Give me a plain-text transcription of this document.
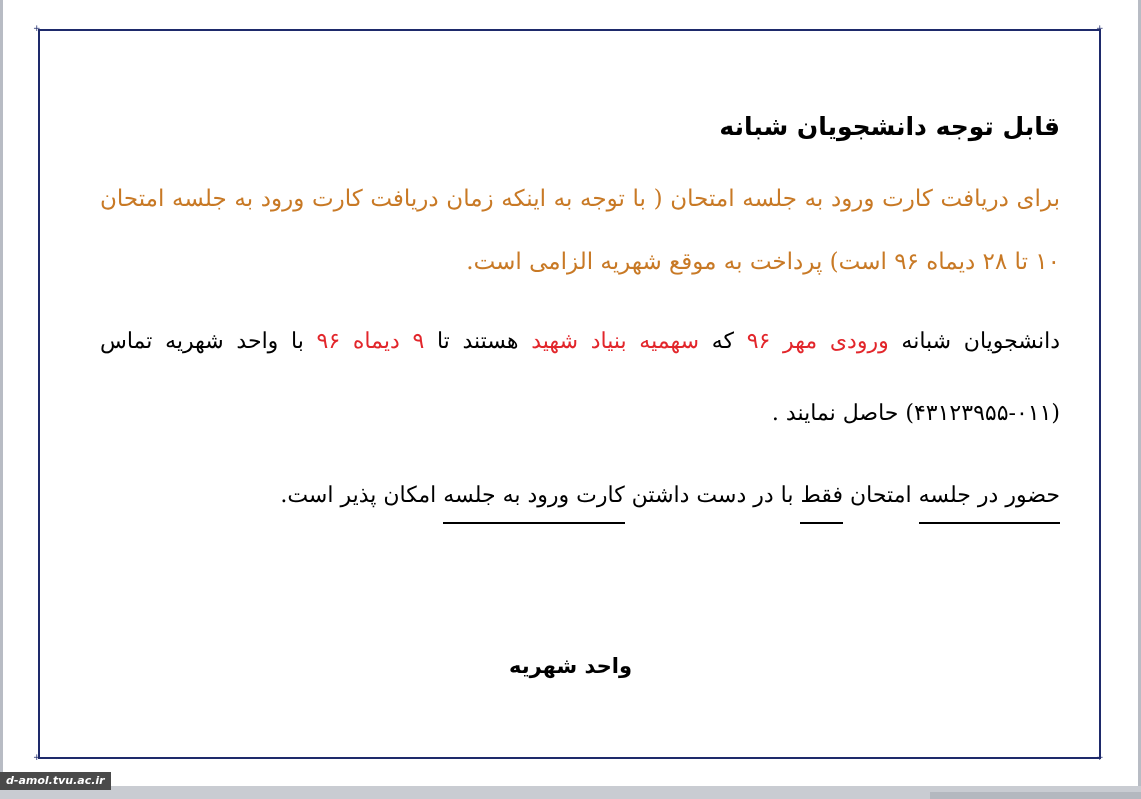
+	+
+	+
قابل توجه دانشجویان شبانه

برای دریافت کارت ورود به جلسه امتحان ( با توجه به اینکه زمان دریافت کارت ورود به جلسه امتحان ۱۰ تا ۲۸ دیماه ۹۶ است) پرداخت به موقع شهریه الزامی است.

دانشجویان شبانه ورودی مهر ۹۶ که سهمیه بنیاد شهید هستند تا ۹ دیماه ۹۶ با واحد شهریه تماس (۰۱۱-۴۳۱۲۳۹۵۵) حاصل نمایند .

حضور در جلسه امتحان فقط با در دست داشتن کارت ورود به جلسه امکان پذیر است.

واحد شهریه
d-amol.tvu.ac.ir
